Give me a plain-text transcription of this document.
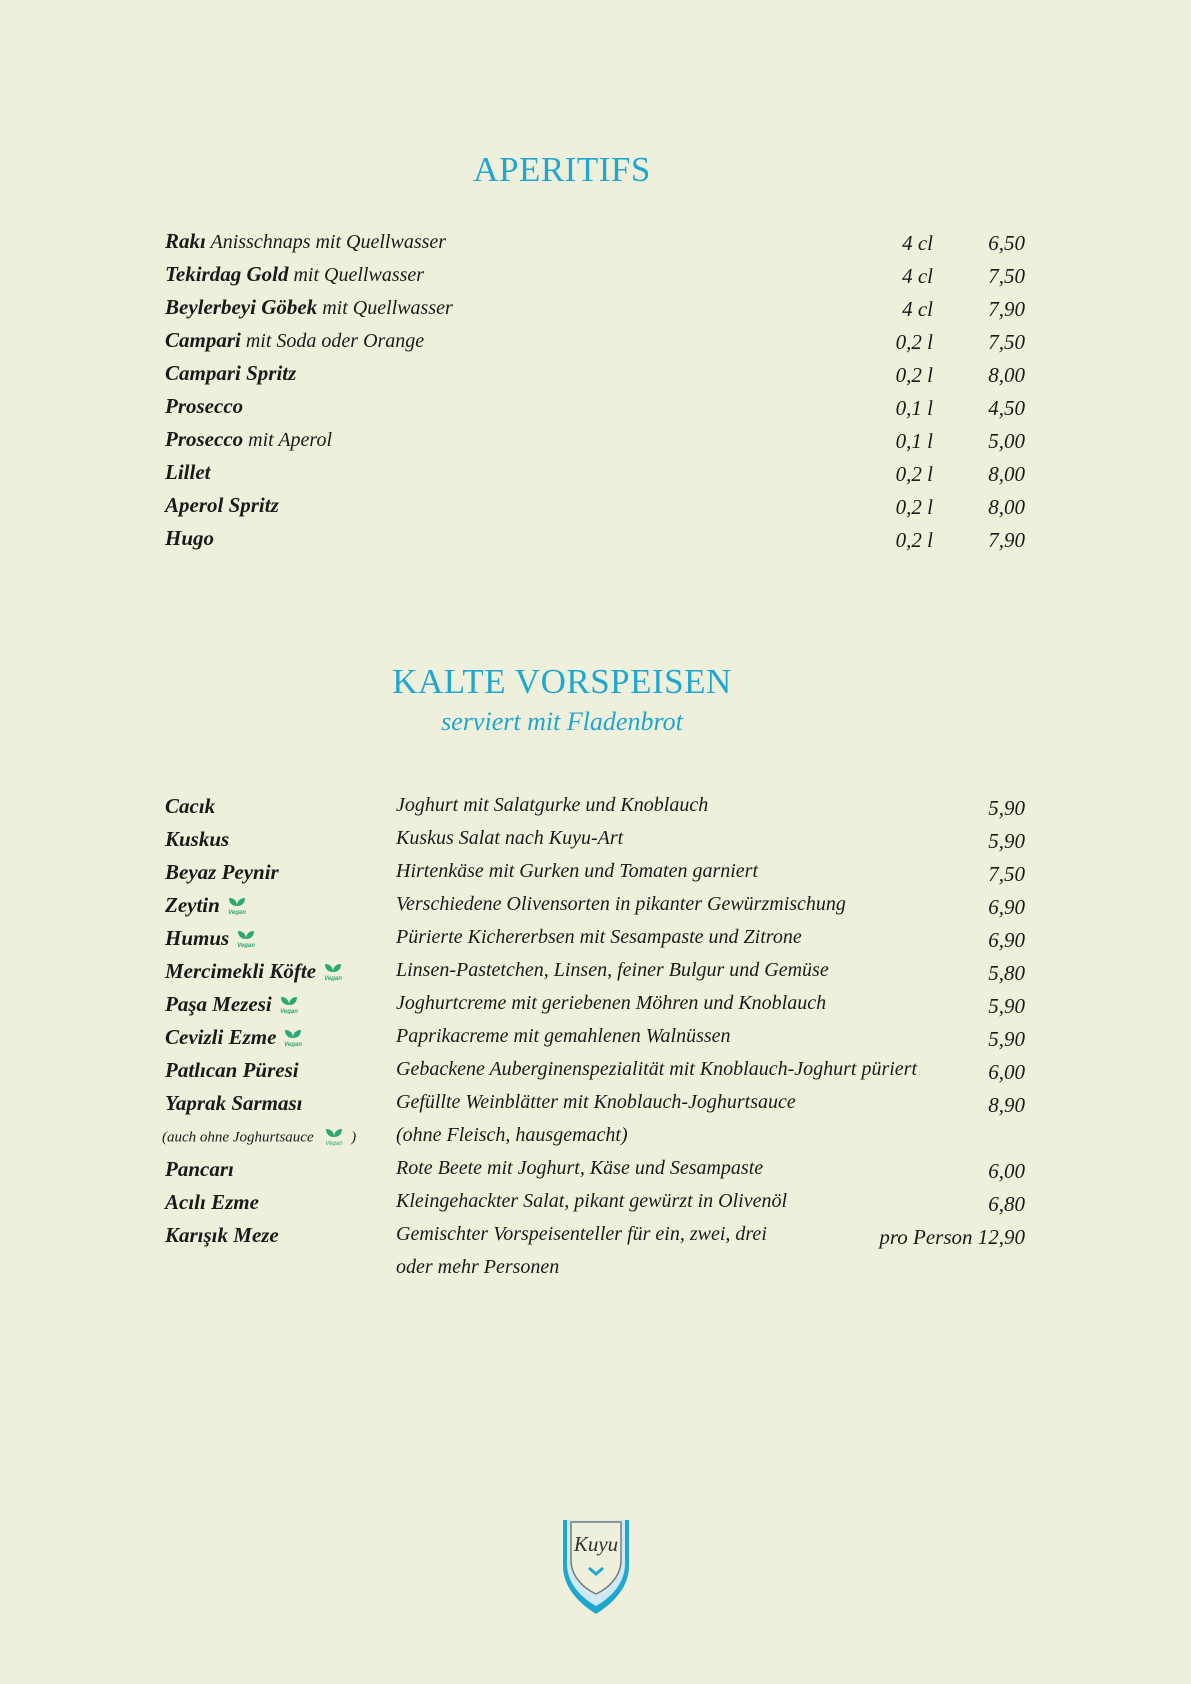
APERITIFS
Rakı Anisschnaps mit Quellwasser	4 cl	6,50
Tekirdag Gold mit Quellwasser	4 cl	7,50
Beylerbeyi Göbek mit Quellwasser	4 cl	7,90
Campari mit Soda oder Orange	0,2 l	7,50
Campari Spritz	0,2 l	8,00
Prosecco	0,1 l	4,50
Prosecco mit Aperol	0,1 l	5,00
Lillet	0,2 l	8,00
Aperol Spritz	0,2 l	8,00
Hugo	0,2 l	7,90
KALTE VORSPEISEN

serviert mit Fladenbrot

Cacık	Joghurt mit Salatgurke und Knoblauch	5,90
Kuskus	Kuskus Salat nach Kuyu-Art	5,90
Beyaz Peynir	Hirtenkäse mit Gurken und Tomaten garniert	7,50
Zeytin Vegan	Verschiedene Olivensorten in pikanter Gewürzmischung	6,90
Humus Vegan	Pürierte Kichererbsen mit Sesampaste und Zitrone	6,90
Mercimekli Köfte Vegan	Linsen-Pastetchen, Linsen, feiner Bulgur und Gemüse	5,80
Paşa Mezesi Vegan	Joghurtcreme mit geriebenen Möhren und Knoblauch	5,90
Cevizli Ezme Vegan	Paprikacreme mit gemahlenen Walnüssen	5,90
Patlıcan Püresi	Gebackene Auberginenspezialität mit Knoblauch-Joghurt püriert	6,00
Yaprak Sarması	Gefüllte Weinblätter mit Knoblauch-Joghurtsauce	8,90
(auch ohne Joghurtsauce Vegan ) (ohne Fleisch, hausgemacht)
Pancarı	Rote Beete mit Joghurt, Käse und Sesampaste	6,00
Acılı Ezme	Kleingehackter Salat, pikant gewürzt in Olivenöl	6,80
Karışık Meze	Gemischter Vorspeisenteller für ein, zwei, drei	pro Person 12,90
oder mehr Personen
Kuyu
